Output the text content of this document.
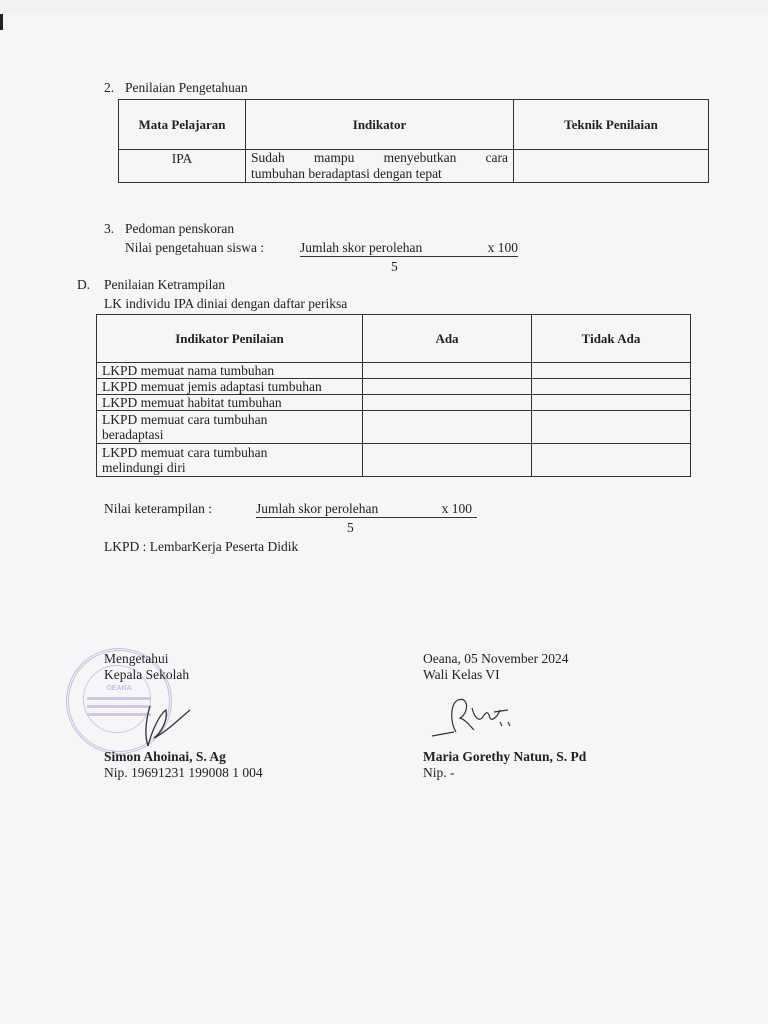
2. Penilaian Pengetahuan
Mata Pelajaran	Indikator	Teknik Penilaian
IPA	Sudah mampu menyebutkan cara
tumbuhan beradaptasi dengan tepat	

3. Pedoman penskoran
Nilai pengetahuan siswa :	Jumlah skor perolehan	x 100
5
D. Penilaian Ketrampilan
LK individu IPA diniai dengan daftar periksa
Indikator Penilaian	Ada	Tidak Ada
LKPD memuat nama tumbuhan		
LKPD memuat jemis adaptasi tumbuhan		
LKPD memuat habitat tumbuhan		

LKPD memuat cara tumbuhan
beradaptasi		

LKPD memuat cara tumbuhan
melindungi diri		

Nilai keterampilan :	Jumlah skor perolehan	x 100
5
LKPD : LembarKerja Peserta Didik
OEANA
Mengetahui
Kepala Sekolah
Simon Ahoinai, S. Ag
Nip. 19691231 199008 1 004
Oeana, 05 November 2024
Wali Kelas VI
Maria Gorethy Natun, S. Pd
Nip. -
